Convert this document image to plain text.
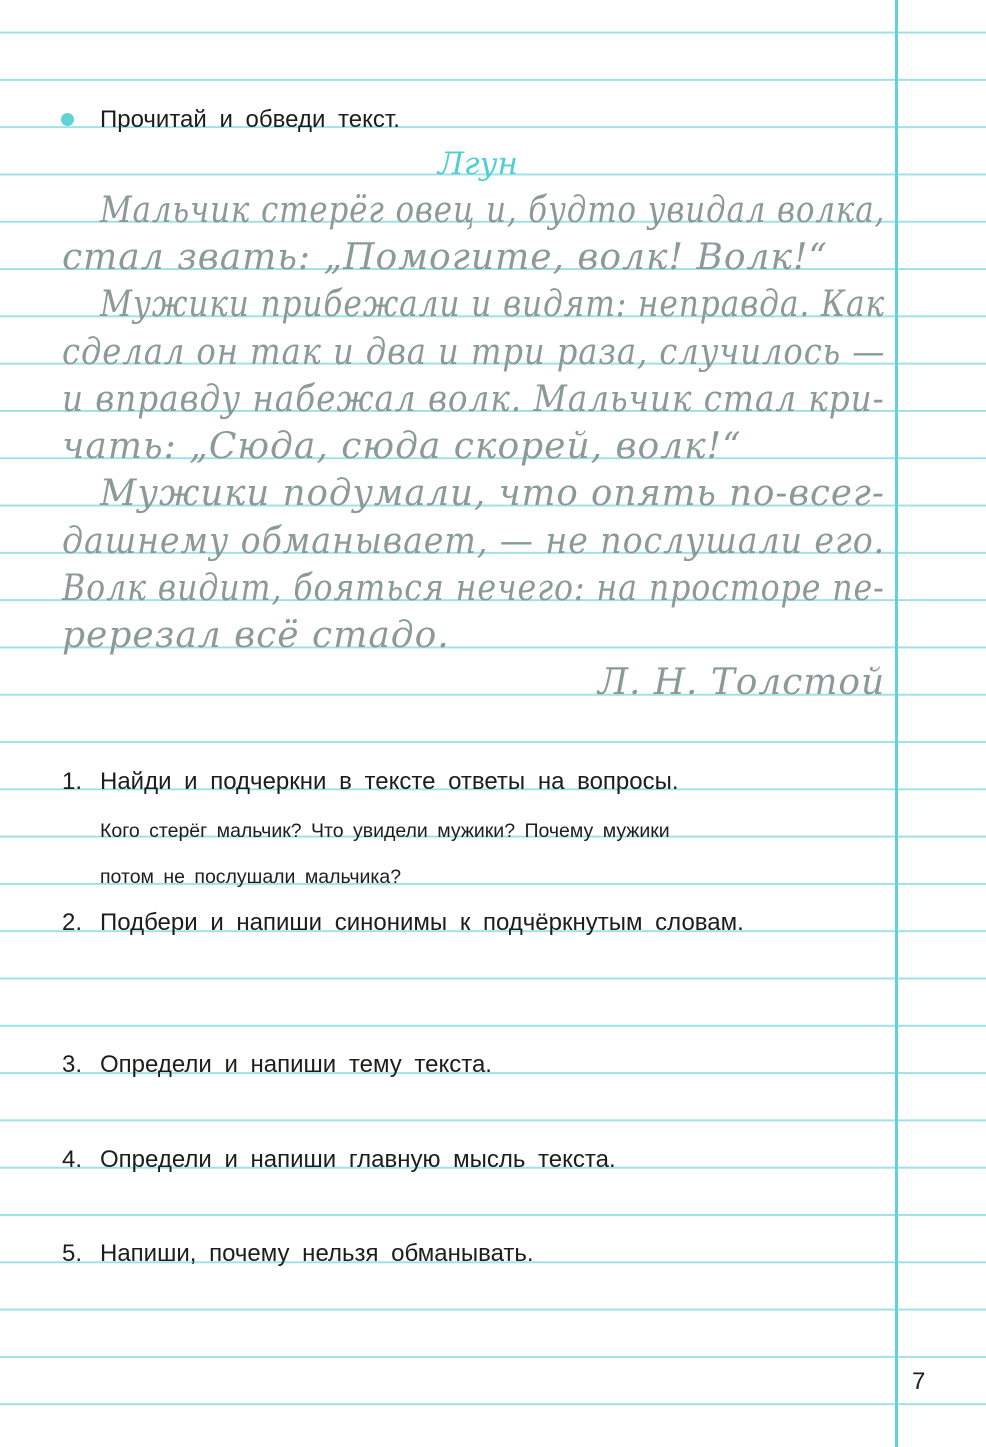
Прочитай и обведи текст.
Лгун
Мальчик стерёг овец и, будто увидал волка,
стал звать: „Помогите, волк! Волк!“
Мужики прибежали и видят: неправда. Как
сделал он так и два и три раза, случилось —
и вправду набежал волк. Мальчик стал кри-
чать: „Сюда, сюда скорей, волк!“
Мужики подумали, что опять по-всег-
дашнему обманывает, — не послушали его.
Волк видит, бояться нечего: на просторе пе-
ререзал всё стадо.
Л. Н. Толстой
1. Найди и подчеркни в тексте ответы на вопросы.
Кого стерёг мальчик? Что увидели мужики? Почему мужики
потом не послушали мальчика?
2. Подбери и напиши синонимы к подчёркнутым словам.
3. Определи и напиши тему текста.
4. Определи и напиши главную мысль текста.
5. Напиши, почему нельзя обманывать.
7
